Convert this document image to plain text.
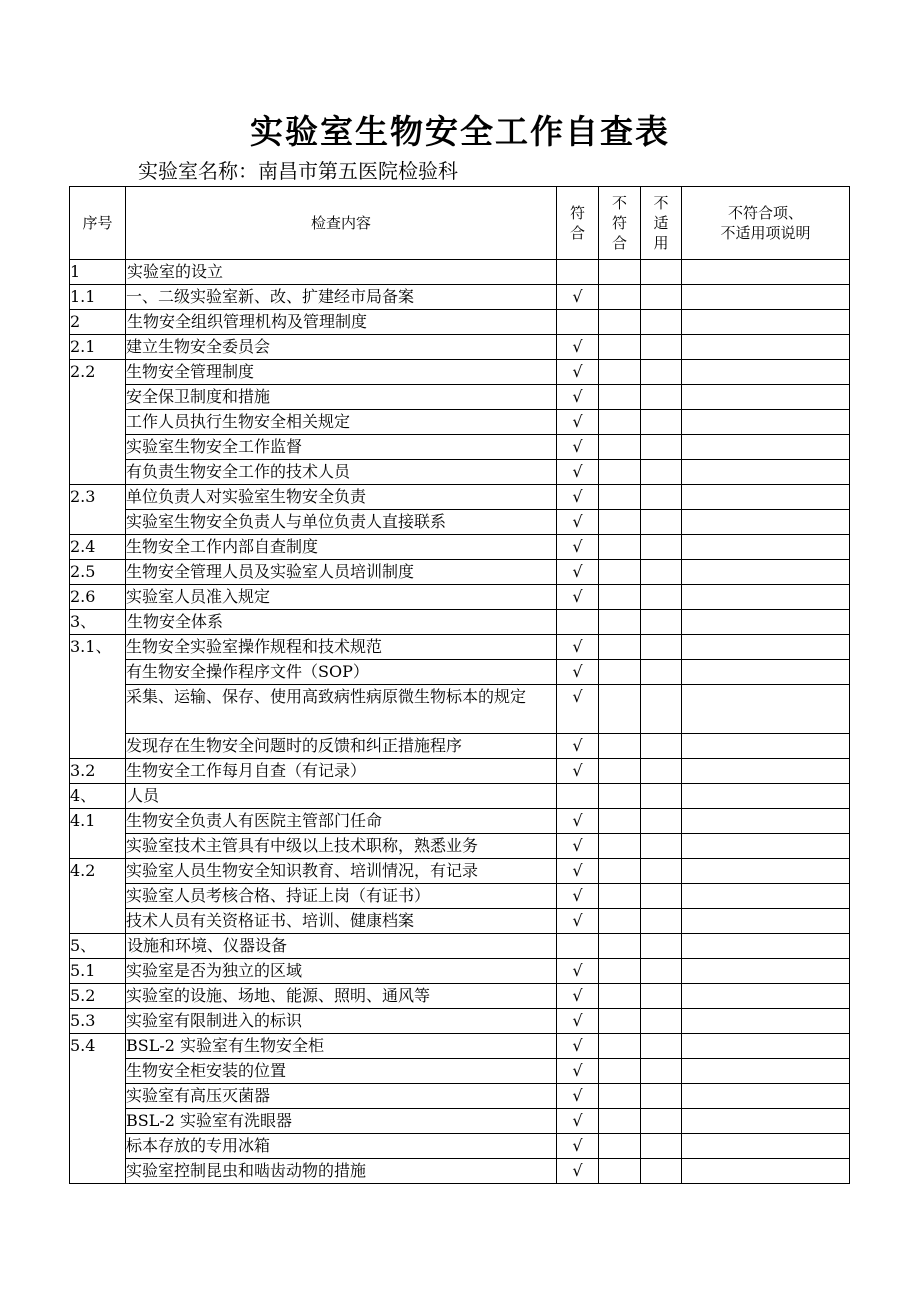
实验室生物安全工作自查表
实验室名称：南昌市第五医院检验科
序号	检查内容	符合	不符合	不适用	不符合项、
不适用项说明

1	实验室的设立				
1.1	一、二级实验室新、改、扩建经市局备案	√			
2	生物安全组织管理机构及管理制度				
2.1	建立生物安全委员会	√			
2.2	生物安全管理制度	√			
	安全保卫制度和措施	√			
	工作人员执行生物安全相关规定	√			
	实验室生物安全工作监督	√			
	有负责生物安全工作的技术人员	√			
2.3	单位负责人对实验室生物安全负责	√			
	实验室生物安全负责人与单位负责人直接联系	√			
2.4	生物安全工作内部自查制度	√			
2.5	生物安全管理人员及实验室人员培训制度	√			
2.6	实验室人员准入规定	√			
3、	生物安全体系				
3.1、	生物安全实验室操作规程和技术规范	√			
	有生物安全操作程序文件（SOP）	√			
	采集、运输、保存、使用高致病性病原微生物标本的规定	√			
	发现存在生物安全问题时的反馈和纠正措施程序	√			
3.2	生物安全工作每月自查（有记录）	√			
4、	人员				
4.1	生物安全负责人有医院主管部门任命	√			
	实验室技术主管具有中级以上技术职称，熟悉业务	√			
4.2	实验室人员生物安全知识教育、培训情况，有记录	√			
	实验室人员考核合格、持证上岗（有证书）	√			
	技术人员有关资格证书、培训、健康档案	√			
5、	设施和环境、仪器设备				
5.1	实验室是否为独立的区域	√			
5.2	实验室的设施、场地、能源、照明、通风等	√			
5.3	实验室有限制进入的标识	√			
5.4	BSL-2 实验室有生物安全柜	√			
	生物安全柜安装的位置	√			
	实验室有高压灭菌器	√			
	BSL-2 实验室有洗眼器	√			
	标本存放的专用冰箱	√			
	实验室控制昆虫和啮齿动物的措施	√			
